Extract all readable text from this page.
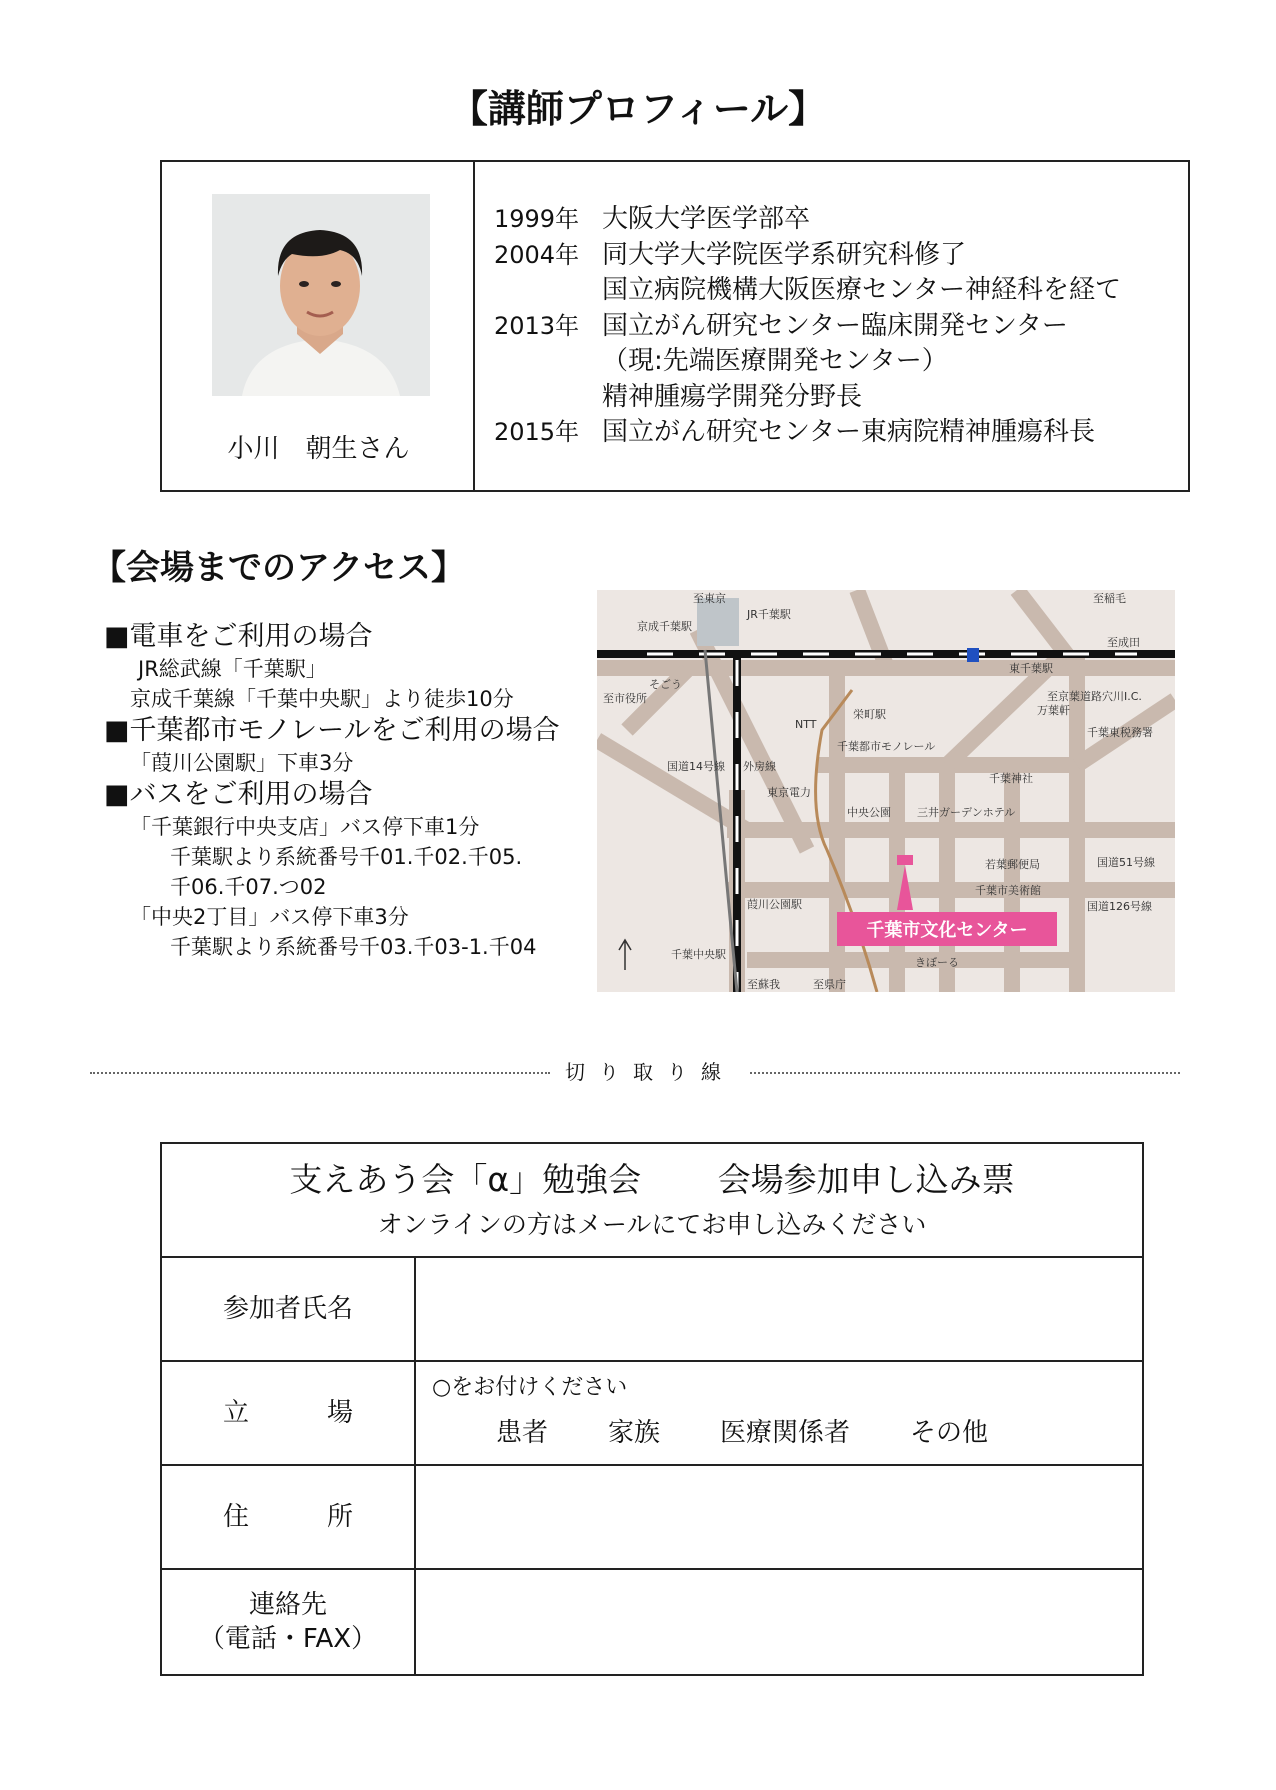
【講師プロフィール】
小川　朝生さん
1999年 大阪大学医学部卒
2004年 同大学大学院医学系研究科修了
国立病院機構大阪医療センター神経科を経て
2013年 国立がん研究センター臨床開発センター
（現:先端医療開発センター）
精神腫瘍学開発分野長
2015年 国立がん研究センター東病院精神腫瘍科長
【会場までのアクセス】
■電車をご利用の場合
JR総武線「千葉駅」
京成千葉線「千葉中央駅」より徒歩10分
■千葉都市モノレールをご利用の場合
「葭川公園駅」下車3分
■バスをご利用の場合
「千葉銀行中央支店」バス停下車1分
千葉駅より系統番号千01.千02.千05.
千06.千07.つ02
「中央2丁目」バス停下車3分
千葉駅より系統番号千03.千03-1.千04
JR千葉駅
京成千葉駅
東千葉駅
栄町駅
葭川公園駅
千葉中央駅
至市役所
そごう
NTT
東京電力
中央公園 三井ガーデンホテル
千葉神社
若葉郵便局
千葉市美術館
きぼーる
万葉軒
千葉東税務署
国道14号線
国道51号線
国道126号線
千葉都市モノレール
外房線
至稲毛
至成田
至東京
至蘇我	至県庁
至京葉道路穴川I.C.
千葉市文化センター
切り取り線
支えあう会「α」勉強会　　 会場参加申し込み票
オンラインの方はメールにてお申し込みください
参加者氏名
立　　　場
○をお付けください
患者 家族 医療関係者 その他
住　　　所
連絡先
（電話・FAX）
